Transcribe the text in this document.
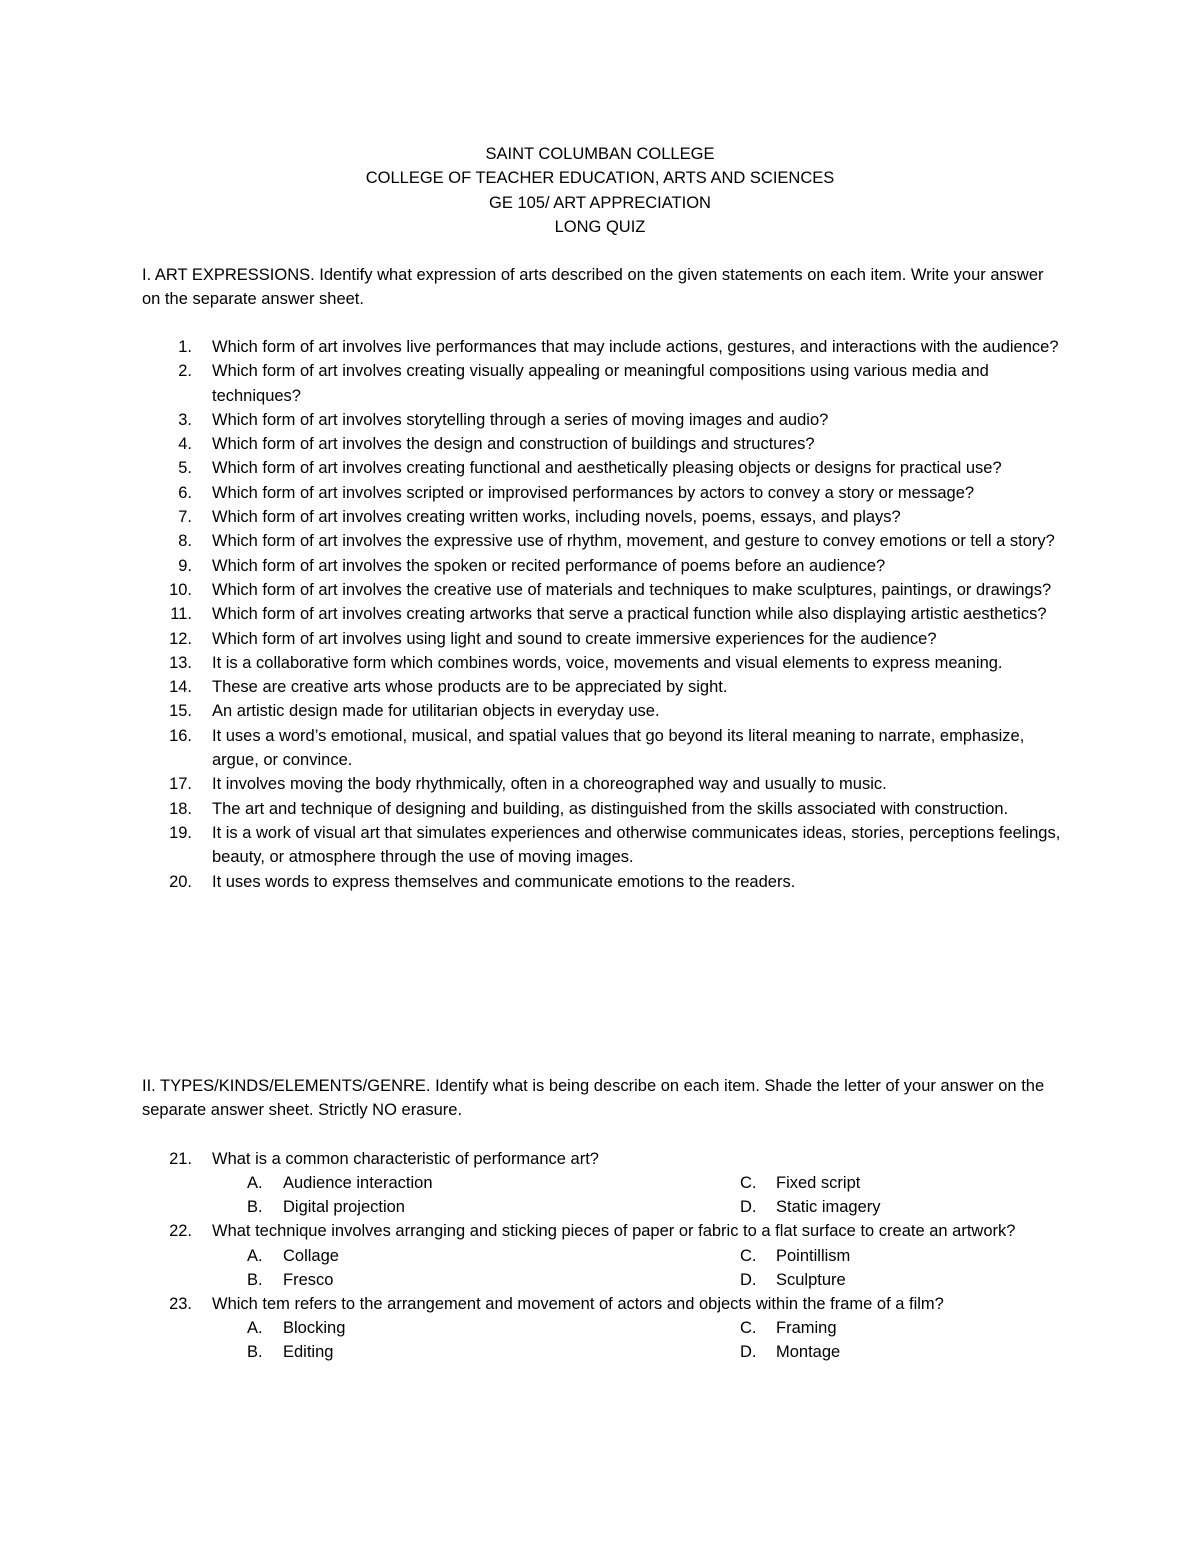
SAINT COLUMBAN COLLEGE
COLLEGE OF TEACHER EDUCATION, ARTS AND SCIENCES
GE 105/ ART APPRECIATION
LONG QUIZ
I. ART EXPRESSIONS. Identify what expression of arts described on the given statements on each item. Write your answer on the separate answer sheet.
1. Which form of art involves live performances that may include actions, gestures, and interactions with the audience?
2. Which form of art involves creating visually appealing or meaningful compositions using various media and techniques?
3. Which form of art involves storytelling through a series of moving images and audio?
4. Which form of art involves the design and construction of buildings and structures?
5. Which form of art involves creating functional and aesthetically pleasing objects or designs for practical use?
6. Which form of art involves scripted or improvised performances by actors to convey a story or message?
7. Which form of art involves creating written works, including novels, poems, essays, and plays?
8. Which form of art involves the expressive use of rhythm, movement, and gesture to convey emotions or tell a story?
9. Which form of art involves the spoken or recited performance of poems before an audience?
10. Which form of art involves the creative use of materials and techniques to make sculptures, paintings, or drawings?
11. Which form of art involves creating artworks that serve a practical function while also displaying artistic aesthetics?
12. Which form of art involves using light and sound to create immersive experiences for the audience?
13. It is a collaborative form which combines words, voice, movements and visual elements to express meaning.
14. These are creative arts whose products are to be appreciated by sight.
15. An artistic design made for utilitarian objects in everyday use.
16. It uses a word’s emotional, musical, and spatial values that go beyond its literal meaning to narrate, emphasize, argue, or convince.
17. It involves moving the body rhythmically, often in a choreographed way and usually to music.
18. The art and technique of designing and building, as distinguished from the skills associated with construction.
19. It is a work of visual art that simulates experiences and otherwise communicates ideas, stories, perceptions feelings, beauty, or atmosphere through the use of moving images.
20. It uses words to express themselves and communicate emotions to the readers.
II. TYPES/KINDS/ELEMENTS/GENRE. Identify what is being describe on each item. Shade the letter of your answer on the separate answer sheet. Strictly NO erasure.
21. What is a common characteristic of performance art?
A. Audience interaction	C. Fixed script
B. Digital projection	D. Static imagery
22. What technique involves arranging and sticking pieces of paper or fabric to a flat surface to create an artwork?
A. Collage	C. Pointillism
B. Fresco	D. Sculpture
23. Which tem refers to the arrangement and movement of actors and objects within the frame of a film?
A. Blocking	C. Framing
B. Editing	D. Montage
